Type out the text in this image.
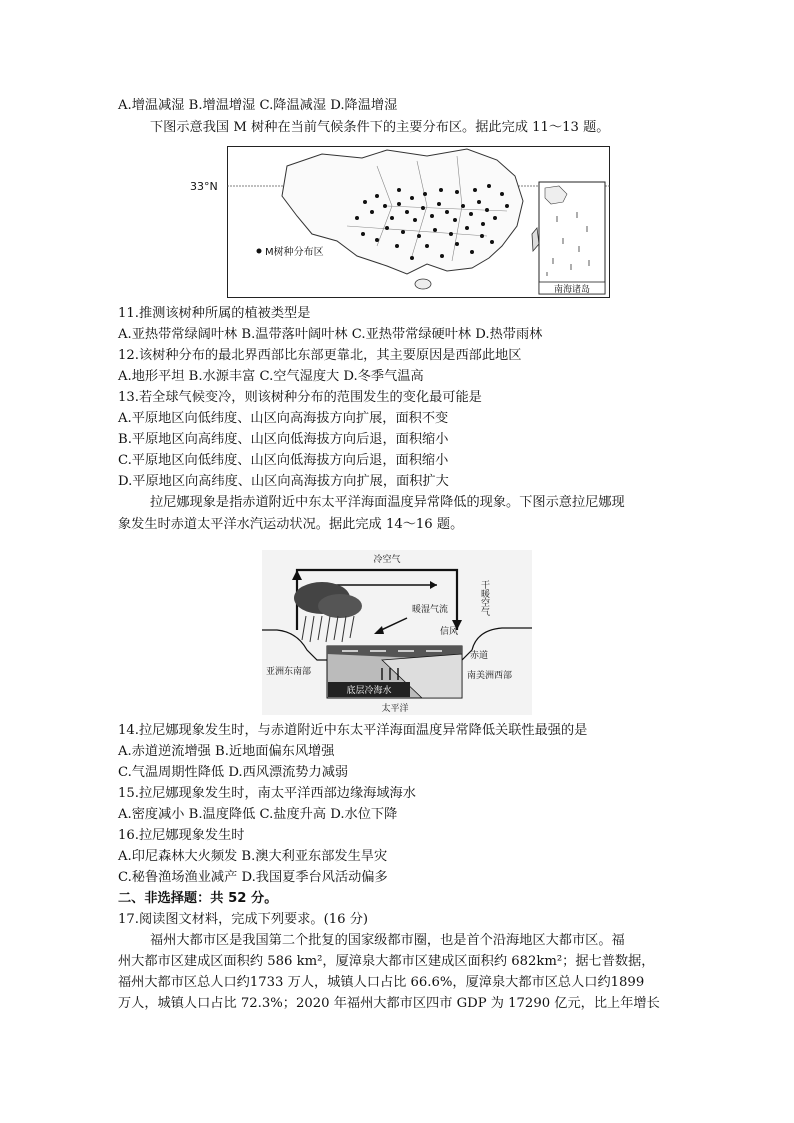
A.增温减湿 B.增温增湿 C.降温减湿 D.降温增湿
下图示意我国 M 树种在当前气候条件下的主要分布区。据此完成 11～13 题。
M树种分布区
南海诸岛
33°N
11.推测该树种所属的植被类型是
A.亚热带常绿阔叶林 B.温带落叶阔叶林 C.亚热带常绿硬叶林 D.热带雨林
12.该树种分布的最北界西部比东部更靠北，其主要原因是西部此地区
A.地形平坦 B.水源丰富 C.空气湿度大 D.冬季气温高
13.若全球气候变冷，则该树种分布的范围发生的变化最可能是
A.平原地区向低纬度、山区向高海拔方向扩展，面积不变
B.平原地区向高纬度、山区向低海拔方向后退，面积缩小
C.平原地区向低纬度、山区向低海拔方向后退，面积缩小
D.平原地区向高纬度、山区向高海拔方向扩展，面积扩大
拉尼娜现象是指赤道附近中东太平洋海面温度异常降低的现象。下图示意拉尼娜现
象发生时赤道太平洋水汽运动状况。据此完成 14～16 题。
冷空气
干暖空气
暖湿气流
信风
赤道
亚洲东南部	南美洲西部
底层冷海水
太平洋
14.拉尼娜现象发生时，与赤道附近中东太平洋海面温度异常降低关联性最强的是
A.赤道逆流增强 B.近地面偏东风增强
C.气温周期性降低 D.西风漂流势力减弱
15.拉尼娜现象发生时，南太平洋西部边缘海域海水
A.密度减小 B.温度降低 C.盐度升高 D.水位下降
16.拉尼娜现象发生时
A.印尼森林大火频发 B.澳大利亚东部发生旱灾
C.秘鲁渔场渔业减产 D.我国夏季台风活动偏多
二、非选择题：共 52 分。
17.阅读图文材料，完成下列要求。(16 分)
福州大都市区是我国第二个批复的国家级都市圈，也是首个沿海地区大都市区。福
州大都市区建成区面积约 586 km²，厦漳泉大都市区建成区面积约 682km²；据七普数据，
福州大都市区总人口约1733 万人，城镇人口占比 66.6%，厦漳泉大都市区总人口约1899
万人，城镇人口占比 72.3%；2020 年福州大都市区四市 GDP 为 17290 亿元，比上年增长
